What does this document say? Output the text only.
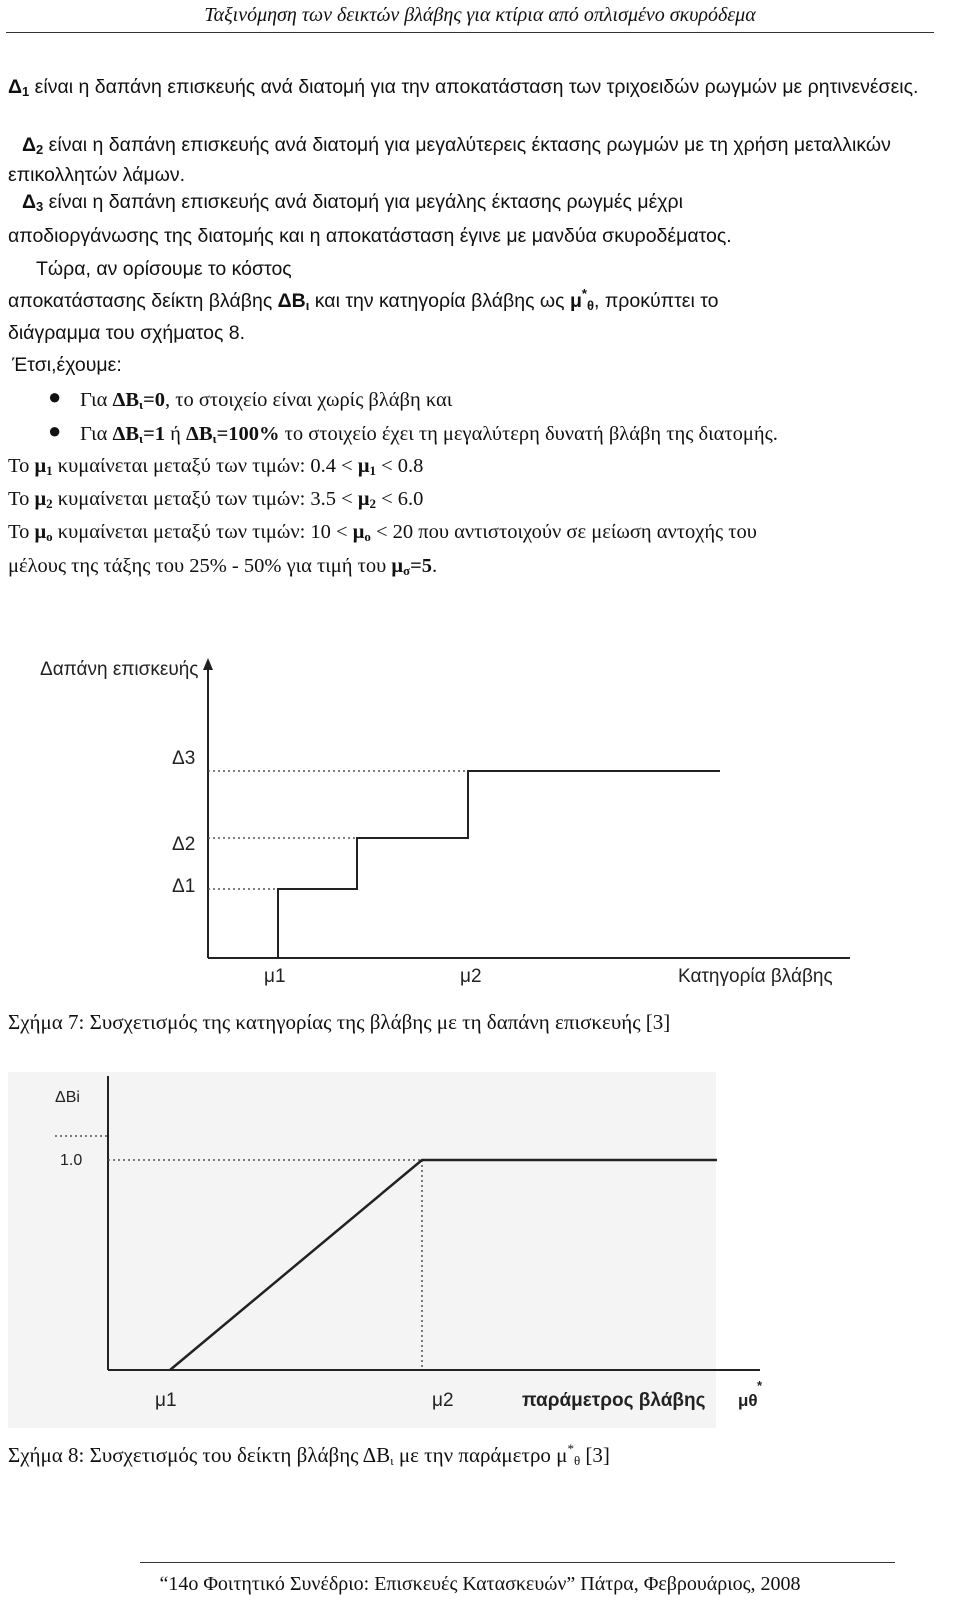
Ταξινόμηση των δεικτών βλάβης για κτίρια από οπλισμένο σκυρόδεμα
$\Delta_1$ είναι η δαπάνη επισκευής ανά διατομή για την αποκατάσταση των τριχοειδών ρωγμών με ρητινενέσεις.
$\Delta_2$ είναι η δαπάνη επισκευής ανά διατομή για μεγαλύτερεις έκτασης ρωγμών με τη χρήση μεταλλικών επικολλητών λάμων.
$\Delta_3$ είναι η δαπάνη επισκευής ανά διατομή για μεγάλης έκτασης ρωγμές μέχρι
αποδιοργάνωσης της διατομής και η αποκατάσταση έγινε με μανδύα σκυροδέματος.
Τώρα, αν ορίσουμε το κόστος
αποκατάστασης δείκτη βλάβης $\Delta B_\iota$ και την κατηγορία βλάβης ως $\mu^*_\theta$, προκύπτει το
διάγραμμα του σχήματος 8.
Έτσι,έχουμε:
● Για $\Delta B_\iota=0$, το στοιχείο είναι χωρίς βλάβη και
● Για $\Delta B_\iota=1$ ή $\Delta B_\iota=100\%$ το στοιχείο έχει τη μεγαλύτερη δυνατή βλάβη της διατομής.
Το $\mu_1$ κυμαίνεται μεταξύ των τιμών: $0.4 < \mu_1 < 0.8$
Το $\mu_2$ κυμαίνεται μεταξύ των τιμών: $3.5 < \mu_2 < 6.0$
Το $\mu_o$ κυμαίνεται μεταξύ των τιμών: $10 < \mu_o < 20$ που αντιστοιχούν σε μείωση αντοχής του
μέλους της τάξης του 25% - 50% για τιμή του $\mu_\sigma=5$.
Δαπάνη επισκευής
Δ3
Δ2
Δ1
μ1	μ2	Κατηγορία βλάβης
Σχήμα 7: Συσχετισμός της κατηγορίας της βλάβης με τη δαπάνη επισκευής [3]
ΔBi
1.0
μ1	μ2	παράμετρος βλάβης μθ
*
Σχήμα 8: Συσχετισμός του δείκτη βλάβης $\Delta B_\iota$ με την παράμετρο $\mu^*_\theta$ [3]
“14ο Φοιτητικό Συνέδριο: Επισκευές Κατασκευών” Πάτρα, Φεβρουάριος, 2008
